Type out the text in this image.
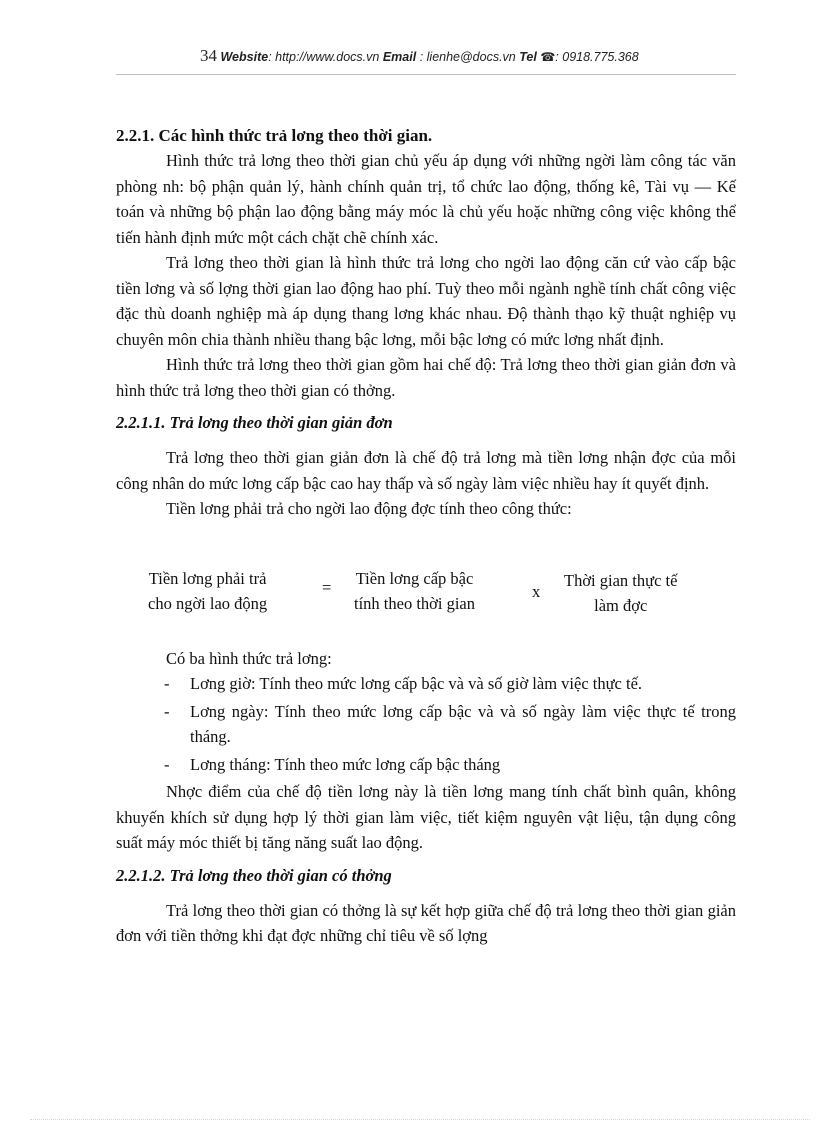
34 Website: http://www.docs.vn Email : lienhe@docs.vn Tel ☎: 0918.775.368
2.2.1. Các hình thức trả lơng theo thời gian.

Hình thức trả lơng theo thời gian chủ yếu áp dụng với những ngời làm công tác văn phòng nh: bộ phận quản lý, hành chính quản trị, tổ chức lao động, thống kê, Tài vụ — Kế toán và những bộ phận lao động bằng máy móc là chủ yếu hoặc những công việc không thể tiến hành định mức một cách chặt chẽ chính xác.

Trả lơng theo thời gian là hình thức trả lơng cho ngời lao động căn cứ vào cấp bậc tiền lơng và số lợng thời gian lao động hao phí. Tuỳ theo mỗi ngành nghề tính chất công việc đặc thù doanh nghiệp mà áp dụng thang lơng khác nhau. Độ thành thạo kỹ thuật nghiệp vụ chuyên môn chia thành nhiều thang bậc lơng, mỗi bậc lơng có mức lơng nhất định.

Hình thức trả lơng theo thời gian gồm hai chế độ: Trả lơng theo thời gian giản đơn và hình thức trả lơng theo thời gian có thởng.

2.2.1.1. Trả lơng theo thời gian giản đơn

Trả lơng theo thời gian giản đơn là chế độ trả lơng mà tiền lơng nhận đợc của mỗi công nhân do mức lơng cấp bậc cao hay thấp và số ngày làm việc nhiều hay ít quyết định.

Tiền lơng phải trả cho ngời lao động đợc tính theo công thức:

Tiền lơng phải trả
cho ngời lao động
= Tiền lơng cấp bậc
tính theo thời gian
x
Thời gian thực tế
làm đợc

Có ba hình thức trả lơng:

- Lơng giờ: Tính theo mức lơng cấp bậc và và số giờ làm việc thực tế.
- Lơng ngày: Tính theo mức lơng cấp bậc và và số ngày làm việc thực tế trong tháng.
- Lơng tháng: Tính theo mức lơng cấp bậc tháng

Nhợc điểm của chế độ tiền lơng này là tiền lơng mang tính chất bình quân, không khuyến khích sử dụng hợp lý thời gian làm việc, tiết kiệm nguyên vật liệu, tận dụng công suất máy móc thiết bị tăng năng suất lao động.

2.2.1.2. Trả lơng theo thời gian có thởng

Trả lơng theo thời gian có thởng là sự kết hợp giữa chế độ trả lơng theo thời gian giản đơn với tiền thởng khi đạt đợc những chỉ tiêu về số lợng
